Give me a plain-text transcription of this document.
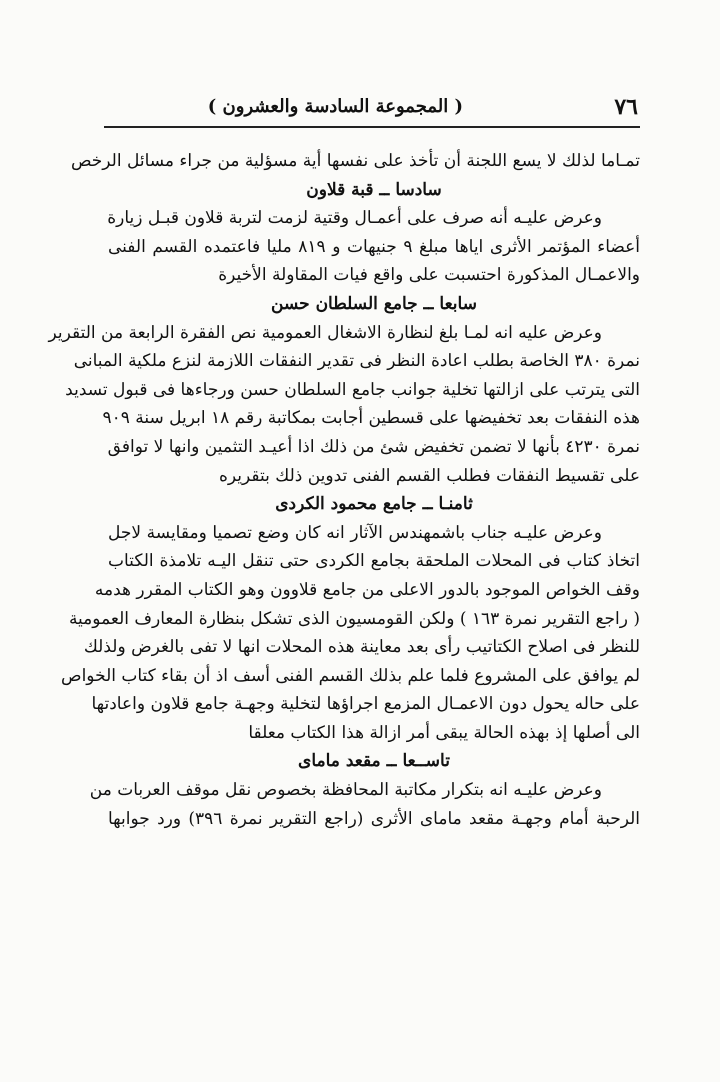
٧٦
( المجموعة السادسة والعشرون )
تمـاما لذلك لا يسع اللجنة أن تأخذ على نفسها أية مسؤلية من جراء مسائل الرخص
سادسا ــ قبة قلاون
وعرض عليـه أنه صرف على أعمـال وقتية لزمت لتربة قلاون قبـل زيارة
أعضاء المؤتمر الأثرى اياها مبلغ ٩ جنيهات و ٨١٩ مليا فاعتمده القسم الفنى
والاعمـال المذكورة احتسبت على واقع فيات المقاولة الأخيرة
سابعا ــ جامع السلطان حسن
وعرض عليه انه لمـا بلغ لنظارة الاشغال العمومية نص الفقرة الرابعة من التقرير
نمرة ٣٨٠ الخاصة بطلب اعادة النظر فى تقدير النفقات اللازمة لنزع ملكية المبانى
التى يترتب على ازالتها تخلية جوانب جامع السلطان حسن ورجاءها فى قبول تسديد
هذه النفقات بعد تخفيضها على قسطين أجابت بمكاتبة رقم ١٨ ابريل سنة ٩٠٩
نمرة ٤٢٣٠ بأنها لا تضمن تخفيض شئ من ذلك اذا أعيـد التثمين وانها لا توافق
على تقسيط النفقات فطلب القسم الفنى تدوين ذلك بتقريره
ثامنـا ــ جامع محمود الكردى
وعرض عليـه جناب باشمهندس الآثار انه كان وضع تصميا ومقايسة لاجل
اتخاذ كتاب فى المحلات الملحقة بجامع الكردى حتى تنقل اليـه تلامذة الكتاب
وقف الخواص الموجود بالدور الاعلى من جامع قلاوون وهو الكتاب المقرر هدمه
( راجع التقرير نمرة ١٦٣ ) ولكن القومسيون الذى تشكل بنظارة المعارف العمومية
للنظر فى اصلاح الكتاتيب رأى بعد معاينة هذه المحلات انها لا تفى بالغرض ولذلك
لم يوافق على المشروع فلما علم بذلك القسم الفنى أسف اذ أن بقاء كتاب الخواص
على حاله يحول دون الاعمـال المزمع اجراؤها لتخلية وجهـة جامع قلاون واعادتها
الى أصلها إذ بهذه الحالة يبقى أمر ازالة هذا الكتاب معلقا
تاســعا ــ مقعد ماماى
وعرض عليـه انه بتكرار مكاتبة المحافظة بخصوص نقل موقف العربات من
الرحبة أمام وجهـة مقعد ماماى الأثرى (راجع التقرير نمرة ٣٩٦) ورد جوابها
